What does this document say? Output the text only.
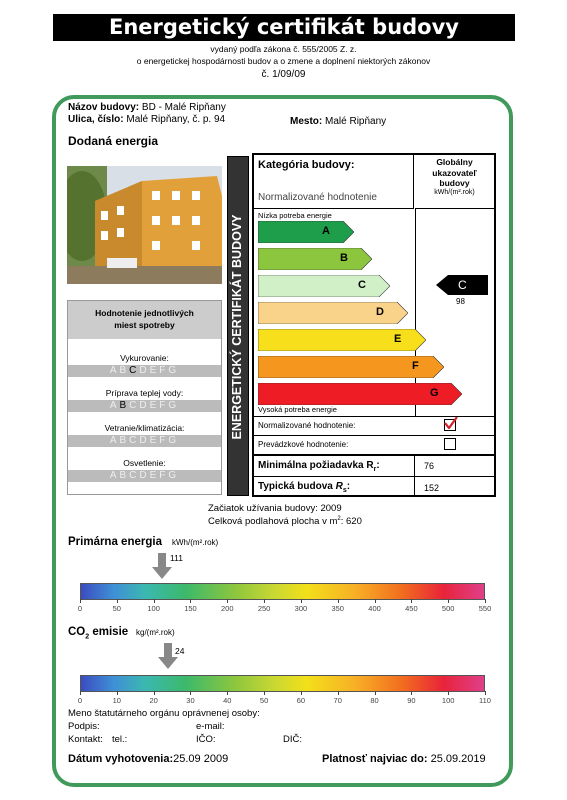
Energetický certifikát budovy
vydaný podľa zákona č. 555/2005 Z. z.
o energetickej hospodárnosti budov a o zmene a doplnení niektorých zákonov
č. 1/09/09
Názov budovy: BD - Malé Ripňany
Ulica, číslo: Malé Ripňany, č. p. 94	Mesto: Malé Ripňany
Dodaná energia
Hodnotenie jednotlivých miest spotreby
Vykurovanie:
ABCDEFG
Príprava teplej vody:
ABCDEFG
Vetranie/klimatizácia:
ABCDEFG
Osvetlenie:
ABCDEFG
ENERGETICKÝ CERTIFIKÁT BUDOVY
Kategória budovy:
Normalizované hodnotenie
Globálny ukazovateľ budovy
kWh/(m².rok)
Nízka potreba energie
Vysoká potreba energie
A
B
C
D
E
F
G
C
98
Normalizované hodnotenie:
Prevádzkové hodnotenie:
Minimálna požiadavka $R_r$:	76
Typická budova $R_s$:	152
Začiatok užívania budovy: 2009
Celková podlahová plocha v $m^2$: 620
Primárna energia kWh/(m².rok)
111
0	50	100	150	200	250	300	350	400	450	500	550
$CO_2$ emisie kg/(m².rok)
24
0	10	20	30	40	50	60	70	80	90	100	110
Meno štatutárneho orgánu oprávnenej osoby:
Podpis:	e-mail:
Kontakt: tel.:	IČO:	DIČ:
Dátum vyhotovenia:25.09 2009	Platnosť najviac do: 25.09.2019
